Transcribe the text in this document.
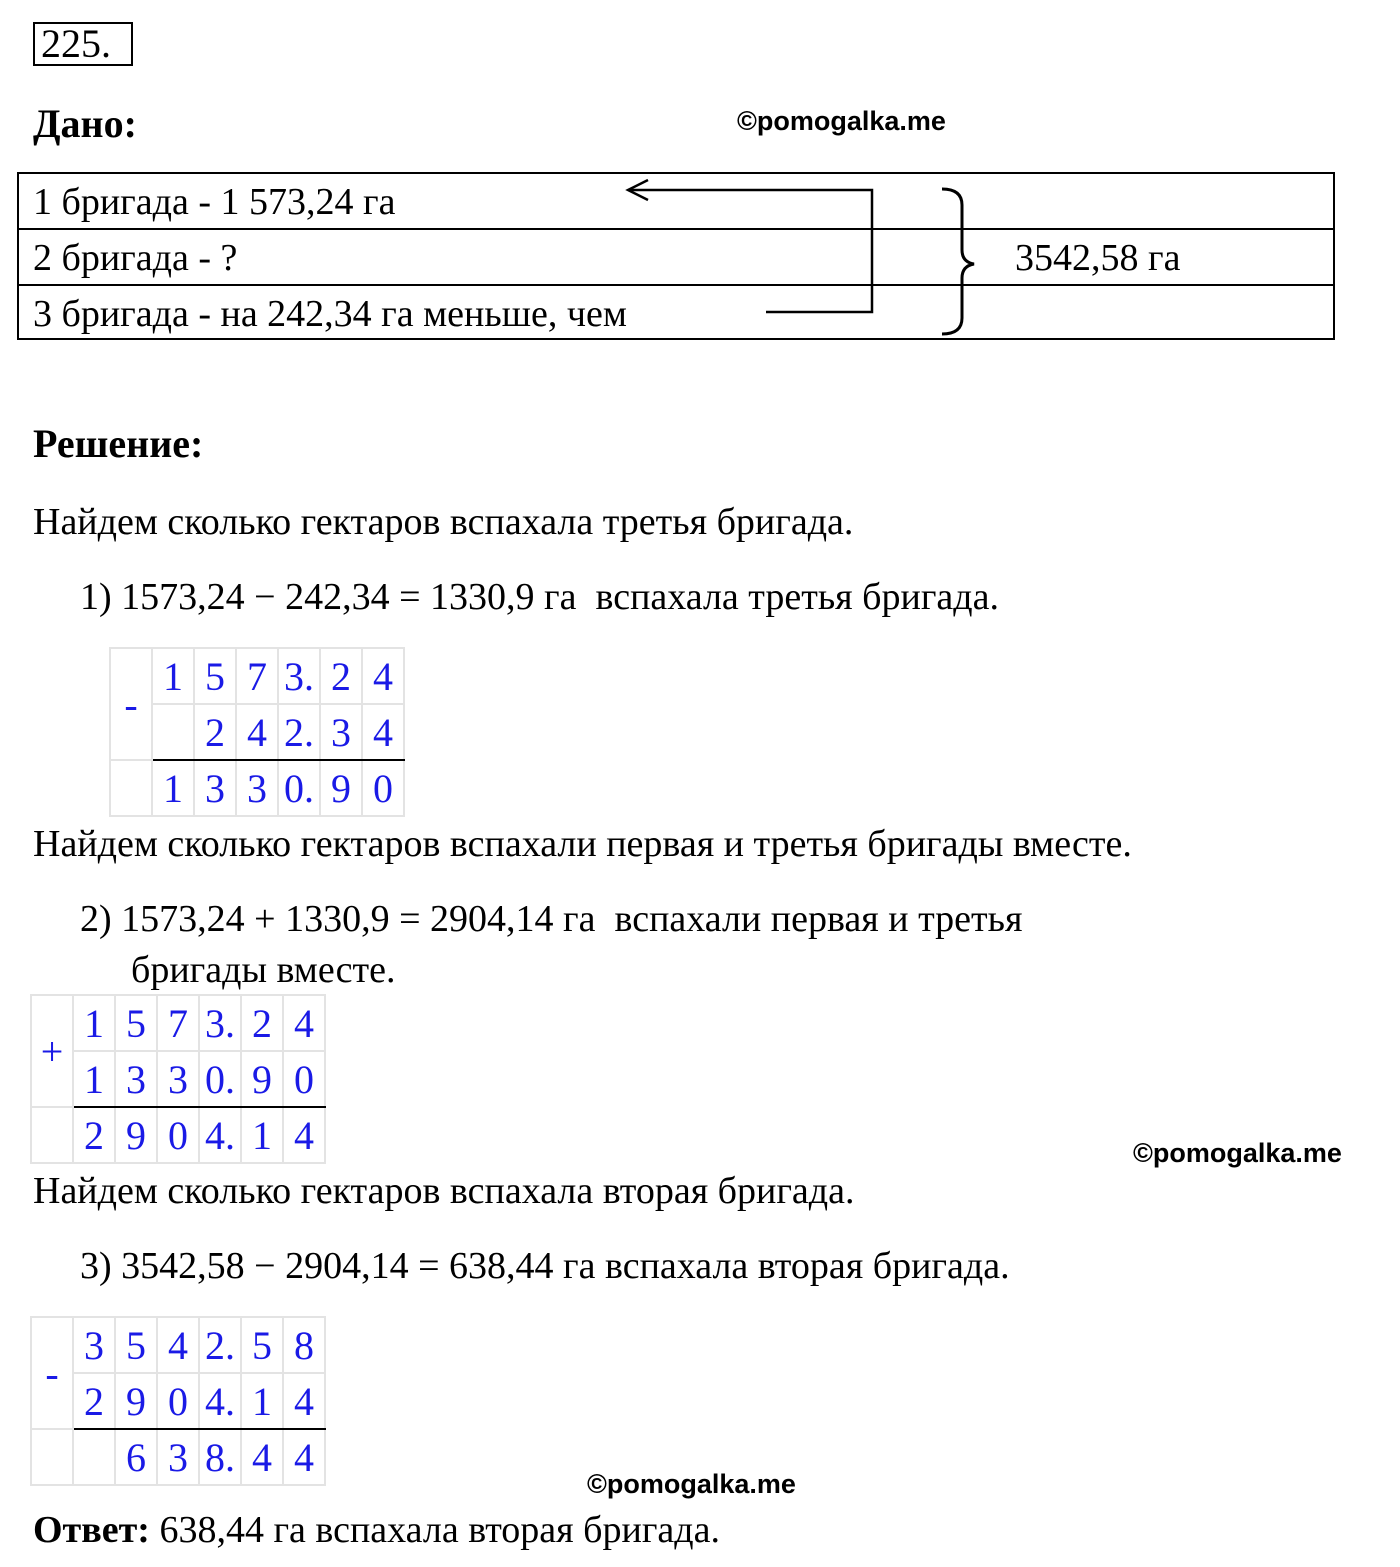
225.
Дано:	©pomogalka.me
1 бригада - 1 573,24 га
2 бригада - ?
3 бригада - на 242,34 га меньше, чем
3542,58 га
Решение:
Найдем сколько гектаров вспахала третья бригада.
1) 1573,24 − 242,34 = 1330,9 га вспахала третья бригада.
-	1	5	7	3.	2	4
		2	4	2.	3	4
	1	3	3	0.	9	0
Найдем сколько гектаров вспахали первая и третья бригады вместе.
2) 1573,24 + 1330,9 = 2904,14 га вспахали первая и третья
бригады вместе.
+	1	5	7	3.	2	4
	1	3	3	0.	9	0
	2	9	0	4.	1	4	©pomogalka.me
Найдем сколько гектаров вспахала вторая бригада.
3) 3542,58 − 2904,14 = 638,44 га вспахала вторая бригада.
-	3	5	4	2.	5	8
	2	9	0	4.	1	4
		6	3	8.	4	4
©pomogalka.me
Ответ: 638,44 га вспахала вторая бригада.
